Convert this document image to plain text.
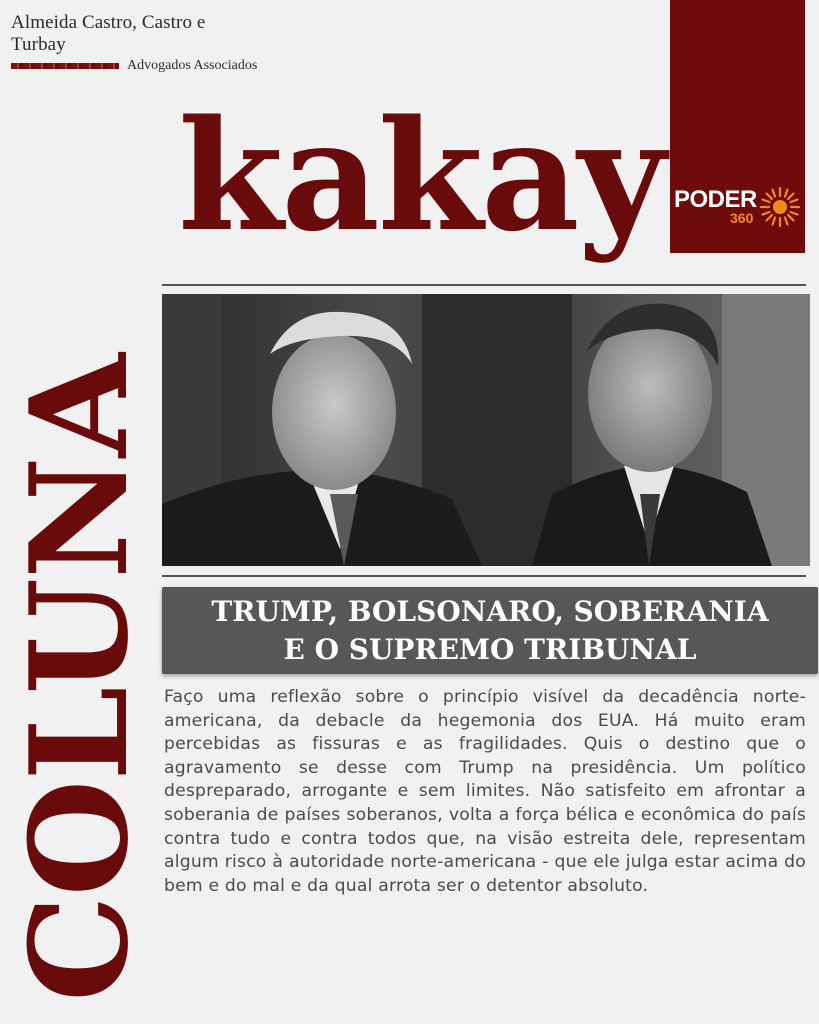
Almeida Castro, Castro e Turbay
Advogados Associados
PODER
360
COLUNA
kakay
TRUMP, BOLSONARO, SOBERANIA
E O SUPREMO TRIBUNAL

Faço uma reflexão sobre o princípio visível da decadência norte-americana, da debacle da hegemonia dos EUA. Há muito eram percebidas as fissuras e as fragilidades. Quis o destino que o agravamento se desse com Trump na presidência. Um político despreparado, arrogante e sem limites. Não satisfeito em afrontar a soberania de países soberanos, volta a força bélica e econômica do país contra tudo e contra todos que, na visão estreita dele, representam algum risco à autoridade norte-americana - que ele julga estar acima do bem e do mal e da qual arrota ser o detentor absoluto.
